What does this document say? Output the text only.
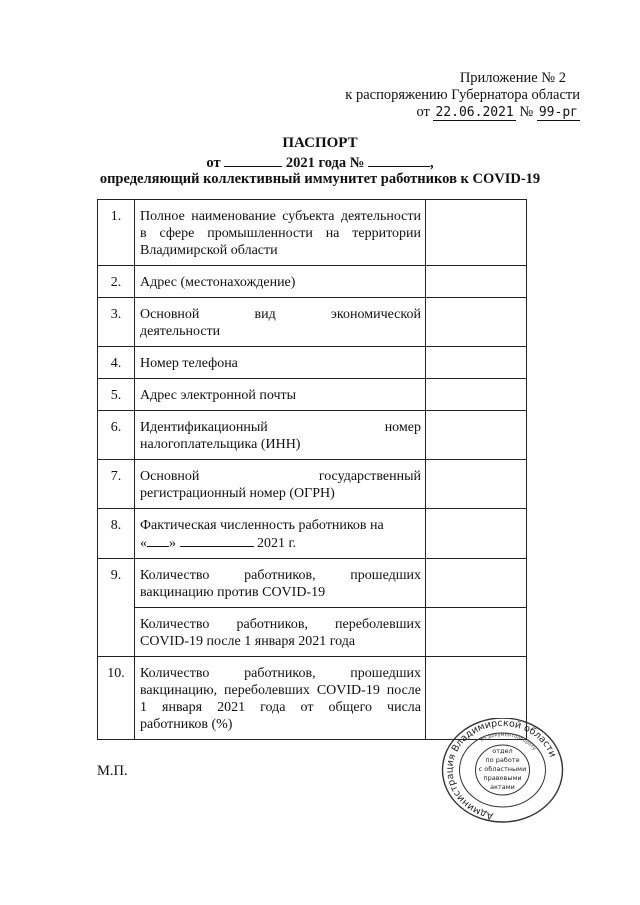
Приложение № 2
к распоряжению Губернатора области
от 22.06.2021 № 99-рг
ПАСПОРТ
от	2021 года №	,
определяющий коллективный иммунитет работников к COVID-19
1.	Полное наименование субъекта деятельности в сфере промышленности на территории Владимирской области	
2.	Адрес (местонахождение)	
3.	Основной вид экономической
деятельности	

4.	Номер телефона	
5.	Адрес электронной почты	
6.	Идентификационный номер
налогоплательщика (ИНН)	

7.	Основной государственный
регистрационный номер (ОГРН)	

8.	Фактическая численность работников на
« » 2021 г.	

9.	Количество работников, прошедших вакцинацию против COVID-19	
	Количество работников, переболевших COVID-19 после 1 января 2021 года	
10.	Количество работников, прошедших вакцинацию, переболевших COVID-19 после 1 января 2021 года от общего числа работников (%)	
М.П.
Администрация Владимирской области
по документообороту
отдел
по работе
с областными
правовыми
актами
